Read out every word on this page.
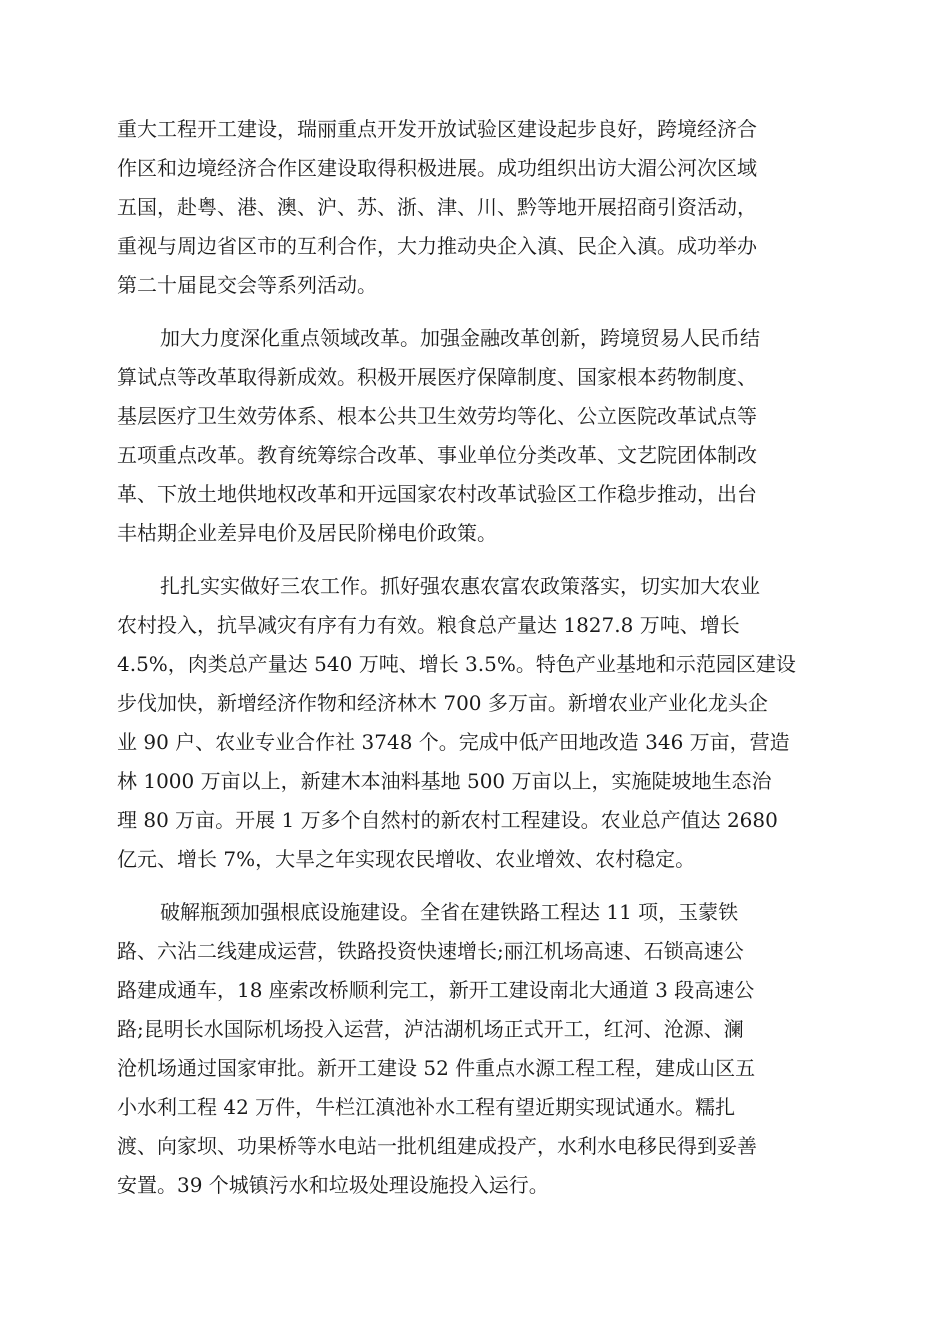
重大工程开工建设，瑞丽重点开发开放试验区建设起步良好，跨境经济合
作区和边境经济合作区建设取得积极进展。成功组织出访大湄公河次区域
五国，赴粤、港、澳、沪、苏、浙、津、川、黔等地开展招商引资活动，
重视与周边省区市的互利合作，大力推动央企入滇、民企入滇。成功举办
第二十届昆交会等系列活动。
加大力度深化重点领域改革。加强金融改革创新，跨境贸易人民币结
算试点等改革取得新成效。积极开展医疗保障制度、国家根本药物制度、
基层医疗卫生效劳体系、根本公共卫生效劳均等化、公立医院改革试点等
五项重点改革。教育统筹综合改革、事业单位分类改革、文艺院团体制改
革、下放土地供地权改革和开远国家农村改革试验区工作稳步推动，出台
丰枯期企业差异电价及居民阶梯电价政策。
扎扎实实做好三农工作。抓好强农惠农富农政策落实，切实加大农业
农村投入，抗旱减灾有序有力有效。粮食总产量达 1827.8 万吨、增长
4.5%，肉类总产量达 540 万吨、增长 3.5%。特色产业基地和示范园区建设
步伐加快，新增经济作物和经济林木 700 多万亩。新增农业产业化龙头企
业 90 户、农业专业合作社 3748 个。完成中低产田地改造 346 万亩，营造
林 1000 万亩以上，新建木本油料基地 500 万亩以上，实施陡坡地生态治
理 80 万亩。开展 1 万多个自然村的新农村工程建设。农业总产值达 2680
亿元、增长 7%，大旱之年实现农民增收、农业增效、农村稳定。
破解瓶颈加强根底设施建设。全省在建铁路工程达 11 项，玉蒙铁
路、六沾二线建成运营，铁路投资快速增长;丽江机场高速、石锁高速公
路建成通车，18 座索改桥顺利完工，新开工建设南北大通道 3 段高速公
路;昆明长水国际机场投入运营，泸沽湖机场正式开工，红河、沧源、澜
沧机场通过国家审批。新开工建设 52 件重点水源工程工程，建成山区五
小水利工程 42 万件，牛栏江滇池补水工程有望近期实现试通水。糯扎
渡、向家坝、功果桥等水电站一批机组建成投产，水利水电移民得到妥善
安置。39 个城镇污水和垃圾处理设施投入运行。
